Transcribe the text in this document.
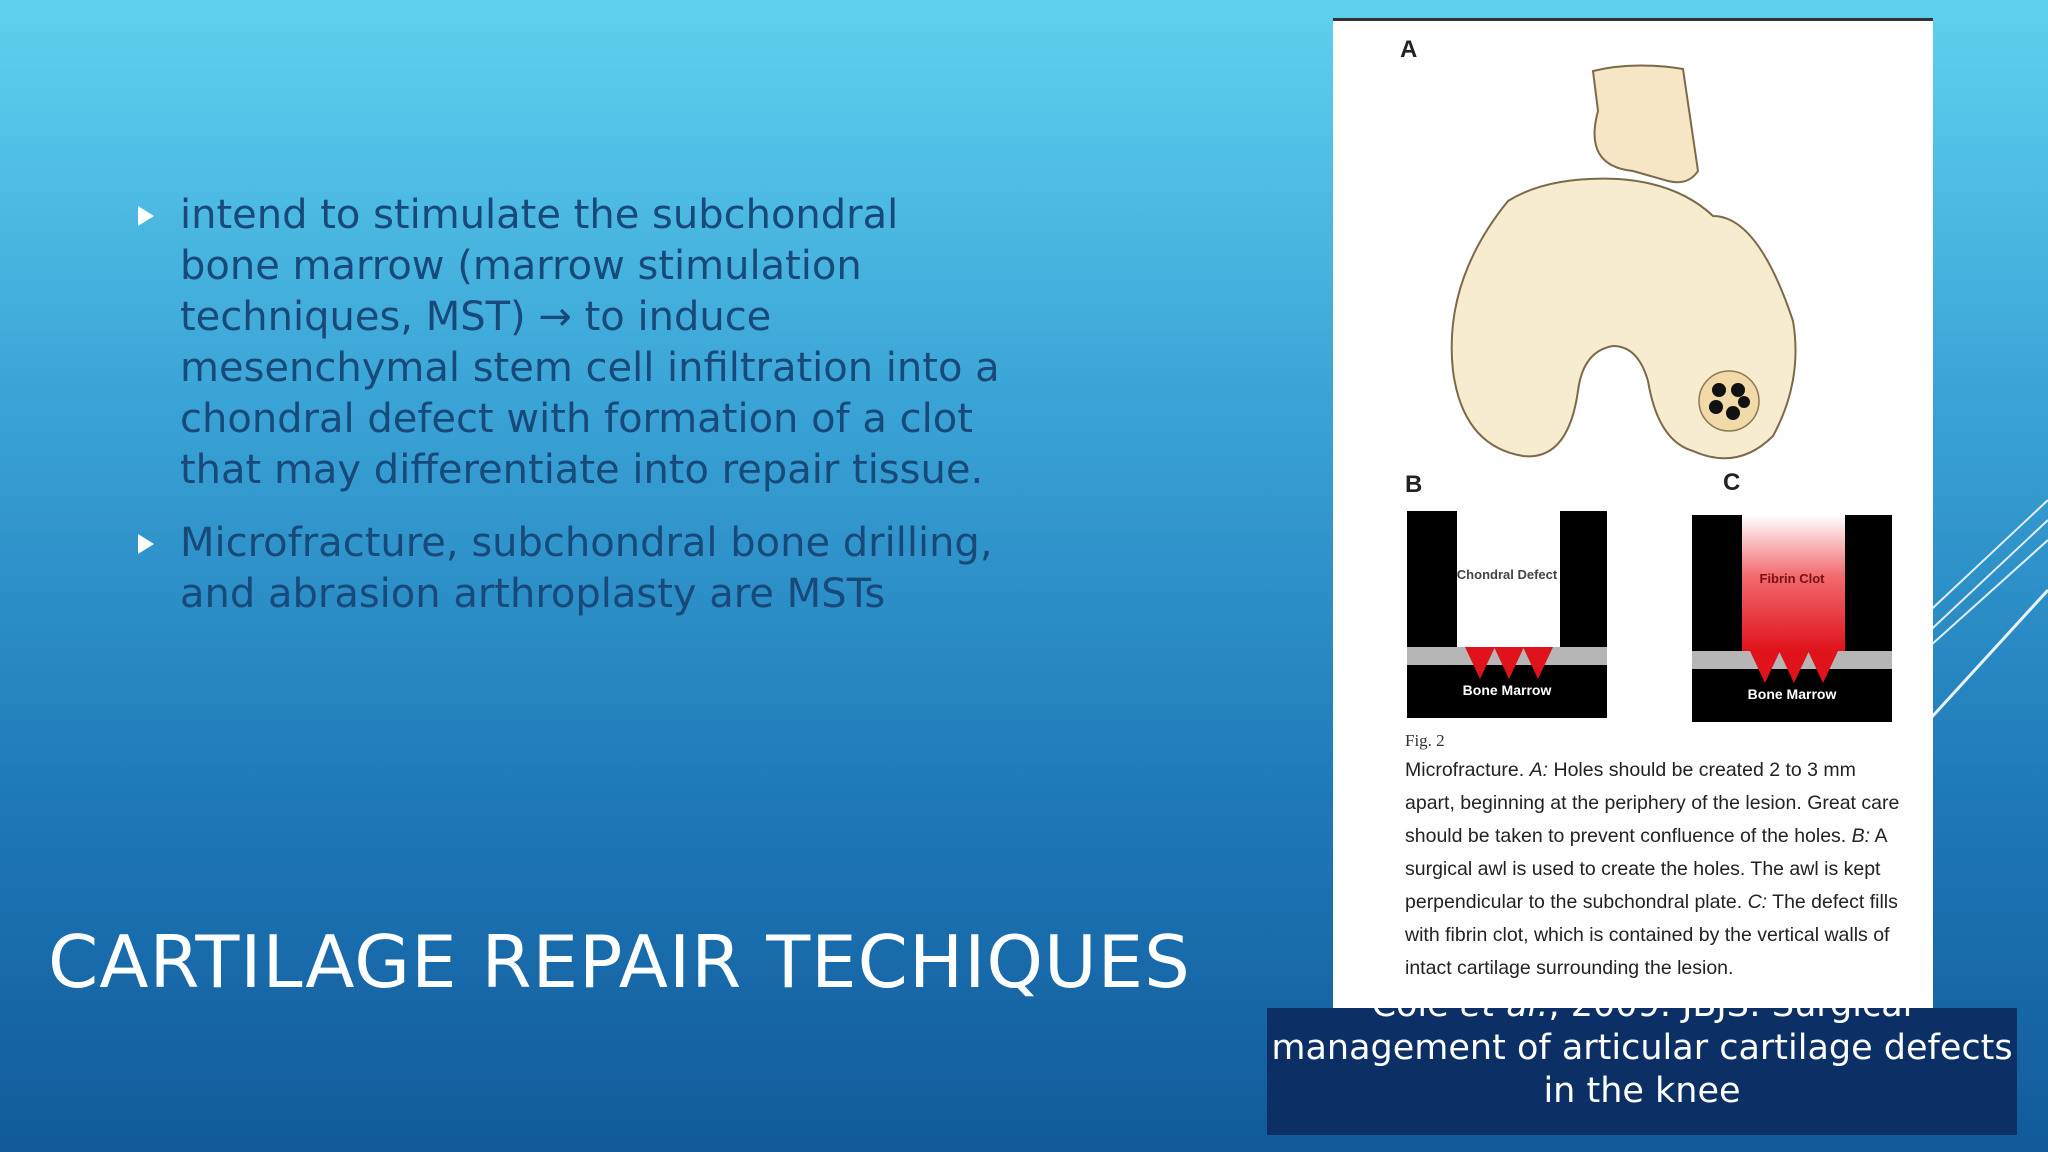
intend to stimulate the subchondral bone marrow (marrow stimulation techniques, MST) → to induce mesenchymal stem cell infiltration into a chondral defect with formation of a clot that may differentiate into repair tissue.
Microfracture, subchondral bone drilling, and abrasion arthroplasty are MSTs
CARTILAGE REPAIR TECHIQUES
A
B	C
Chondral Defect
Bone Marrow
Fibrin Clot
Bone Marrow
Fig. 2
Microfracture. A: Holes should be created 2 to 3 mm apart, beginning at the periphery of the lesion. Great care should be taken to prevent confluence of the holes. B: A surgical awl is used to create the holes. The awl is kept perpendicular to the subchondral plate. C: The defect fills with fibrin clot, which is contained by the vertical walls of intact cartilage surrounding the lesion.
Cole et al., 2009. JBJS: Surgical
management of articular cartilage defects
in the knee
